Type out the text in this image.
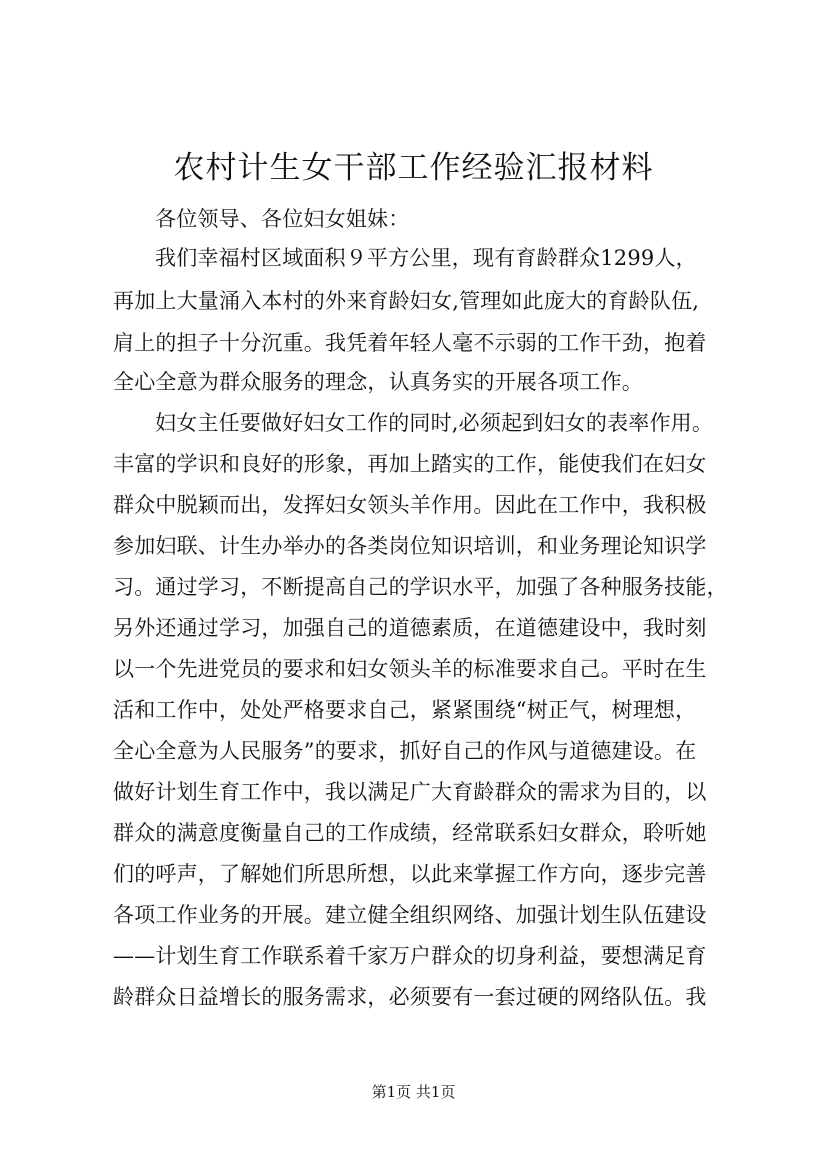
农村计生女干部工作经验汇报材料
各位领导、各位妇女姐妹：
我们幸福村区域面积９平方公里，现有育龄群众1299人，
再加上大量涌入本村的外来育龄妇女,管理如此庞大的育龄队伍,
肩上的担子十分沉重。我凭着年轻人毫不示弱的工作干劲，抱着
全心全意为群众服务的理念，认真务实的开展各项工作。
妇女主任要做好妇女工作的同时,必须起到妇女的表率作用。
丰富的学识和良好的形象，再加上踏实的工作，能使我们在妇女
群众中脱颖而出，发挥妇女领头羊作用。因此在工作中，我积极
参加妇联、计生办举办的各类岗位知识培训，和业务理论知识学
习。通过学习，不断提高自己的学识水平，加强了各种服务技能，
另外还通过学习，加强自己的道德素质，在道德建设中，我时刻
以一个先进党员的要求和妇女领头羊的标准要求自己。平时在生
活和工作中，处处严格要求自己，紧紧围绕“树正气，树理想，
全心全意为人民服务”的要求，抓好自己的作风与道德建设。在
做好计划生育工作中，我以满足广大育龄群众的需求为目的，以
群众的满意度衡量自己的工作成绩，经常联系妇女群众，聆听她
们的呼声，了解她们所思所想，以此来掌握工作方向，逐步完善
各项工作业务的开展。建立健全组织网络、加强计划生队伍建设
——计划生育工作联系着千家万户群众的切身利益，要想满足育
龄群众日益增长的服务需求，必须要有一套过硬的网络队伍。我
第1页 共1页
